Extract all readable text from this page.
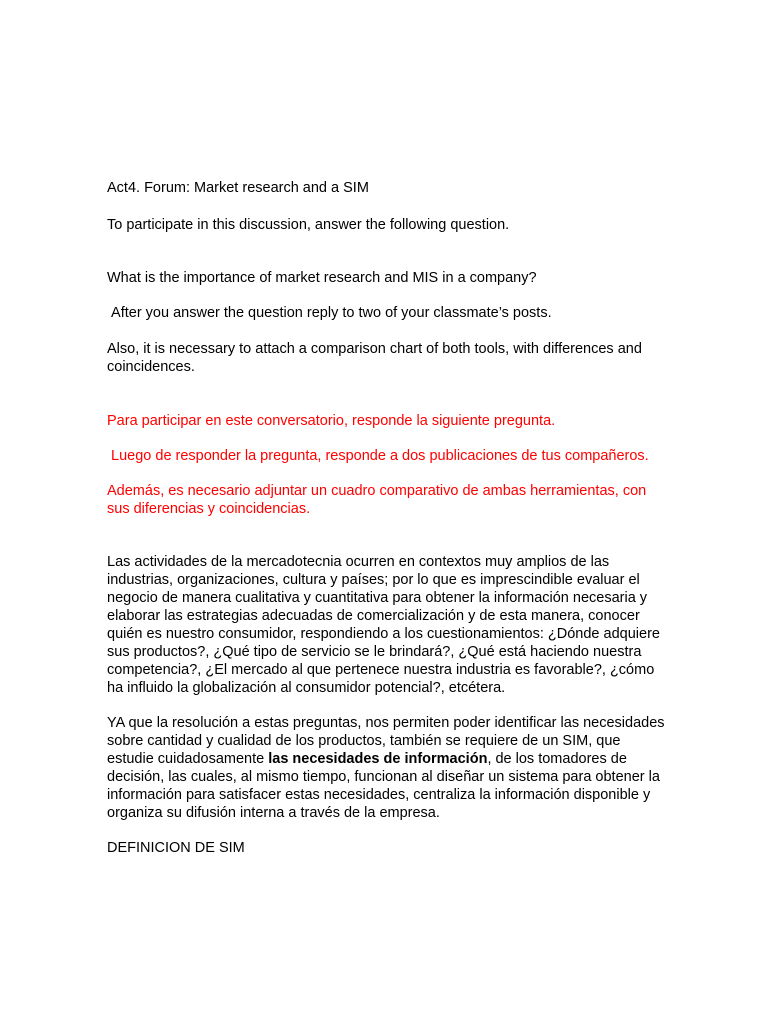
Act4. Forum: Market research and a SIM

To participate in this discussion, answer the following question.

What is the importance of market research and MIS in a company?

After you answer the question reply to two of your classmate’s posts.

Also, it is necessary to attach a comparison chart of both tools, with differences and coincidences.

Para participar en este conversatorio, responde la siguiente pregunta.

Luego de responder la pregunta, responde a dos publicaciones de tus compañeros.

Además, es necesario adjuntar un cuadro comparativo de ambas herramientas, con sus diferencias y coincidencias.

Las actividades de la mercadotecnia ocurren en contextos muy amplios de las industrias, organizaciones, cultura y países; por lo que es imprescindible evaluar el negocio de manera cualitativa y cuantitativa para obtener la información necesaria y elaborar las estrategias adecuadas de comercialización y de esta manera, conocer quién es nuestro consumidor, respondiendo a los cuestionamientos: ¿Dónde adquiere sus productos?, ¿Qué tipo de servicio se le brindará?, ¿Qué está haciendo nuestra competencia?, ¿El mercado al que pertenece nuestra industria es favorable?, ¿cómo ha influido la globalización al consumidor potencial?, etcétera.

YA que la resolución a estas preguntas, nos permiten poder identificar las necesidades sobre cantidad y cualidad de los productos, también se requiere de un SIM, que estudie cuidadosamente las necesidades de información, de los tomadores de decisión, las cuales, al mismo tiempo, funcionan al diseñar un sistema para obtener la información para satisfacer estas necesidades, centraliza la información disponible y organiza su difusión interna a través de la empresa.

DEFINICION DE SIM
